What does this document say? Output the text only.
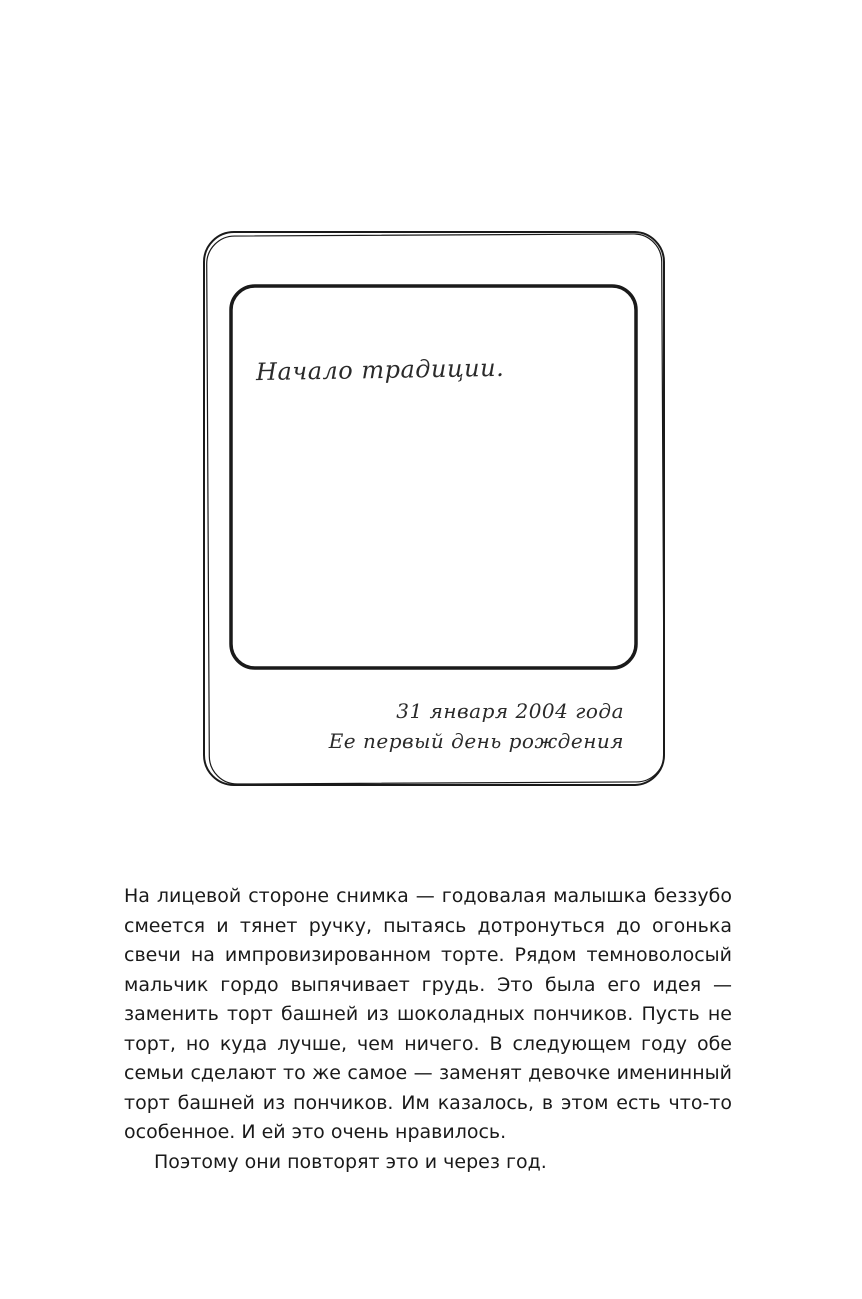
Начало традиции.
31 января 2004 года
Ее первый день рождения

На лицевой стороне снимка — годовалая малышка беззубо смеется и тянет ручку, пытаясь дотронуться до огонька свечи на импровизированном торте. Рядом темноволосый мальчик гордо выпячивает грудь. Это была его идея — заменить торт башней из шоколадных пончиков. Пусть не торт, но куда лучше, чем ничего. В следующем году обе семьи сделают то же самое — заменят девочке именинный торт башней из пончиков. Им казалось, в этом есть что-то особенное. И ей это очень нравилось.

Поэтому они повторят это и через год.
